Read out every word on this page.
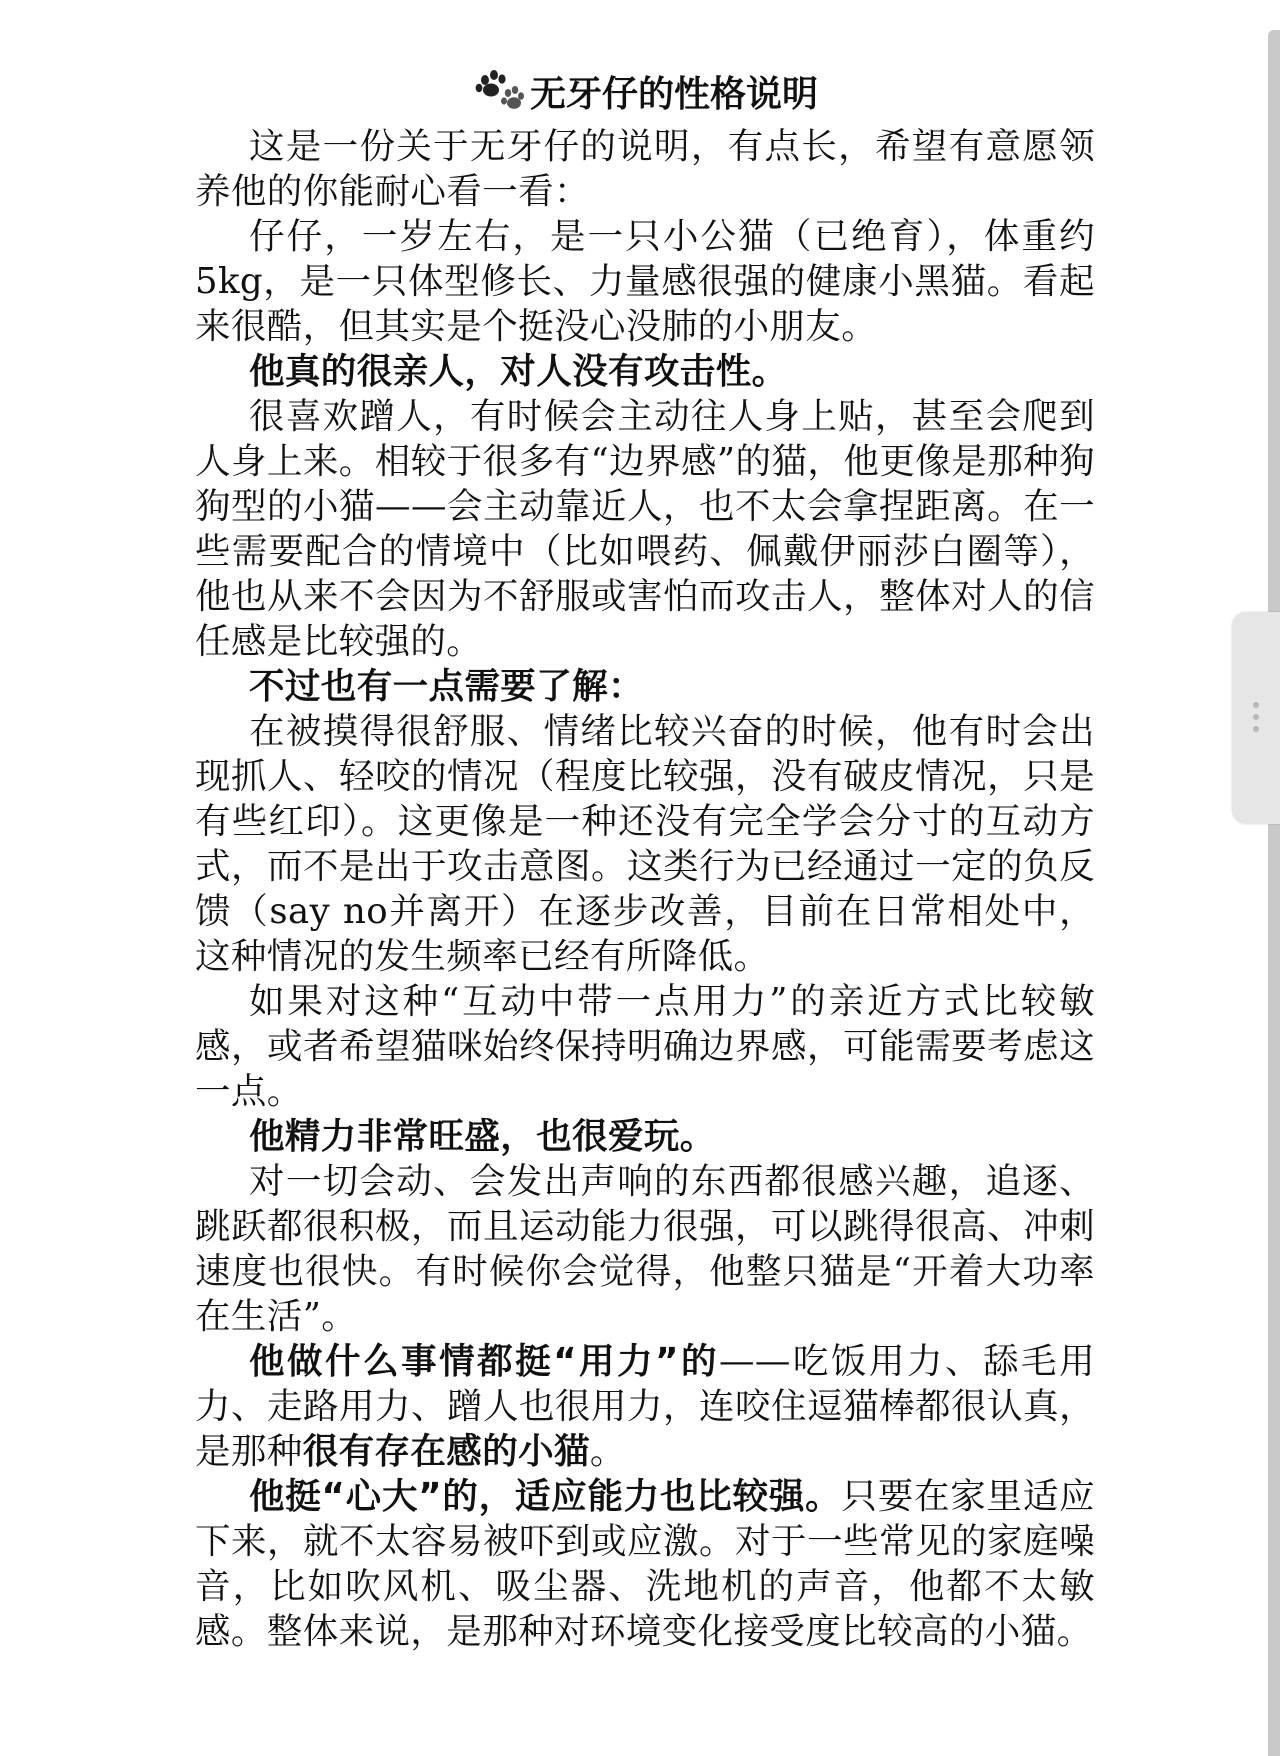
无牙仔的性格说明

这是一份关于无牙仔的说明，有点长，希望有意愿领养他的你能耐心看一看：

仔仔，一岁左右，是一只小公猫（已绝育），体重约5kg，是一只体型修长、力量感很强的健康小黑猫。看起来很酷，但其实是个挺没心没肺的小朋友。

他真的很亲人，对人没有攻击性。

很喜欢蹭人，有时候会主动往人身上贴，甚至会爬到人身上来。相较于很多有“边界感”的猫，他更像是那种狗狗型的小猫——会主动靠近人，也不太会拿捏距离。在一些需要配合的情境中（比如喂药、佩戴伊丽莎白圈等），他也从来不会因为不舒服或害怕而攻击人，整体对人的信任感是比较强的。

不过也有一点需要了解：

在被摸得很舒服、情绪比较兴奋的时候，他有时会出现抓人、轻咬的情况（程度比较强，没有破皮情况，只是有些红印）。这更像是一种还没有完全学会分寸的互动方式，而不是出于攻击意图。这类行为已经通过一定的负反馈（say no并离开）在逐步改善，目前在日常相处中，这种情况的发生频率已经有所降低。

如果对这种“互动中带一点用力”的亲近方式比较敏感，或者希望猫咪始终保持明确边界感，可能需要考虑这一点。

他精力非常旺盛，也很爱玩。

对一切会动、会发出声响的东西都很感兴趣，追逐、跳跃都很积极，而且运动能力很强，可以跳得很高、冲刺速度也很快。有时候你会觉得，他整只猫是“开着大功率在生活”。

他做什么事情都挺“用力”的——吃饭用力、舔毛用力、走路用力、蹭人也很用力，连咬住逗猫棒都很认真，是那种很有存在感的小猫。

他挺“心大”的，适应能力也比较强。只要在家里适应下来，就不太容易被吓到或应激。对于一些常见的家庭噪音，比如吹风机、吸尘器、洗地机的声音，他都不太敏感。整体来说，是那种对环境变化接受度比较高的小猫。
